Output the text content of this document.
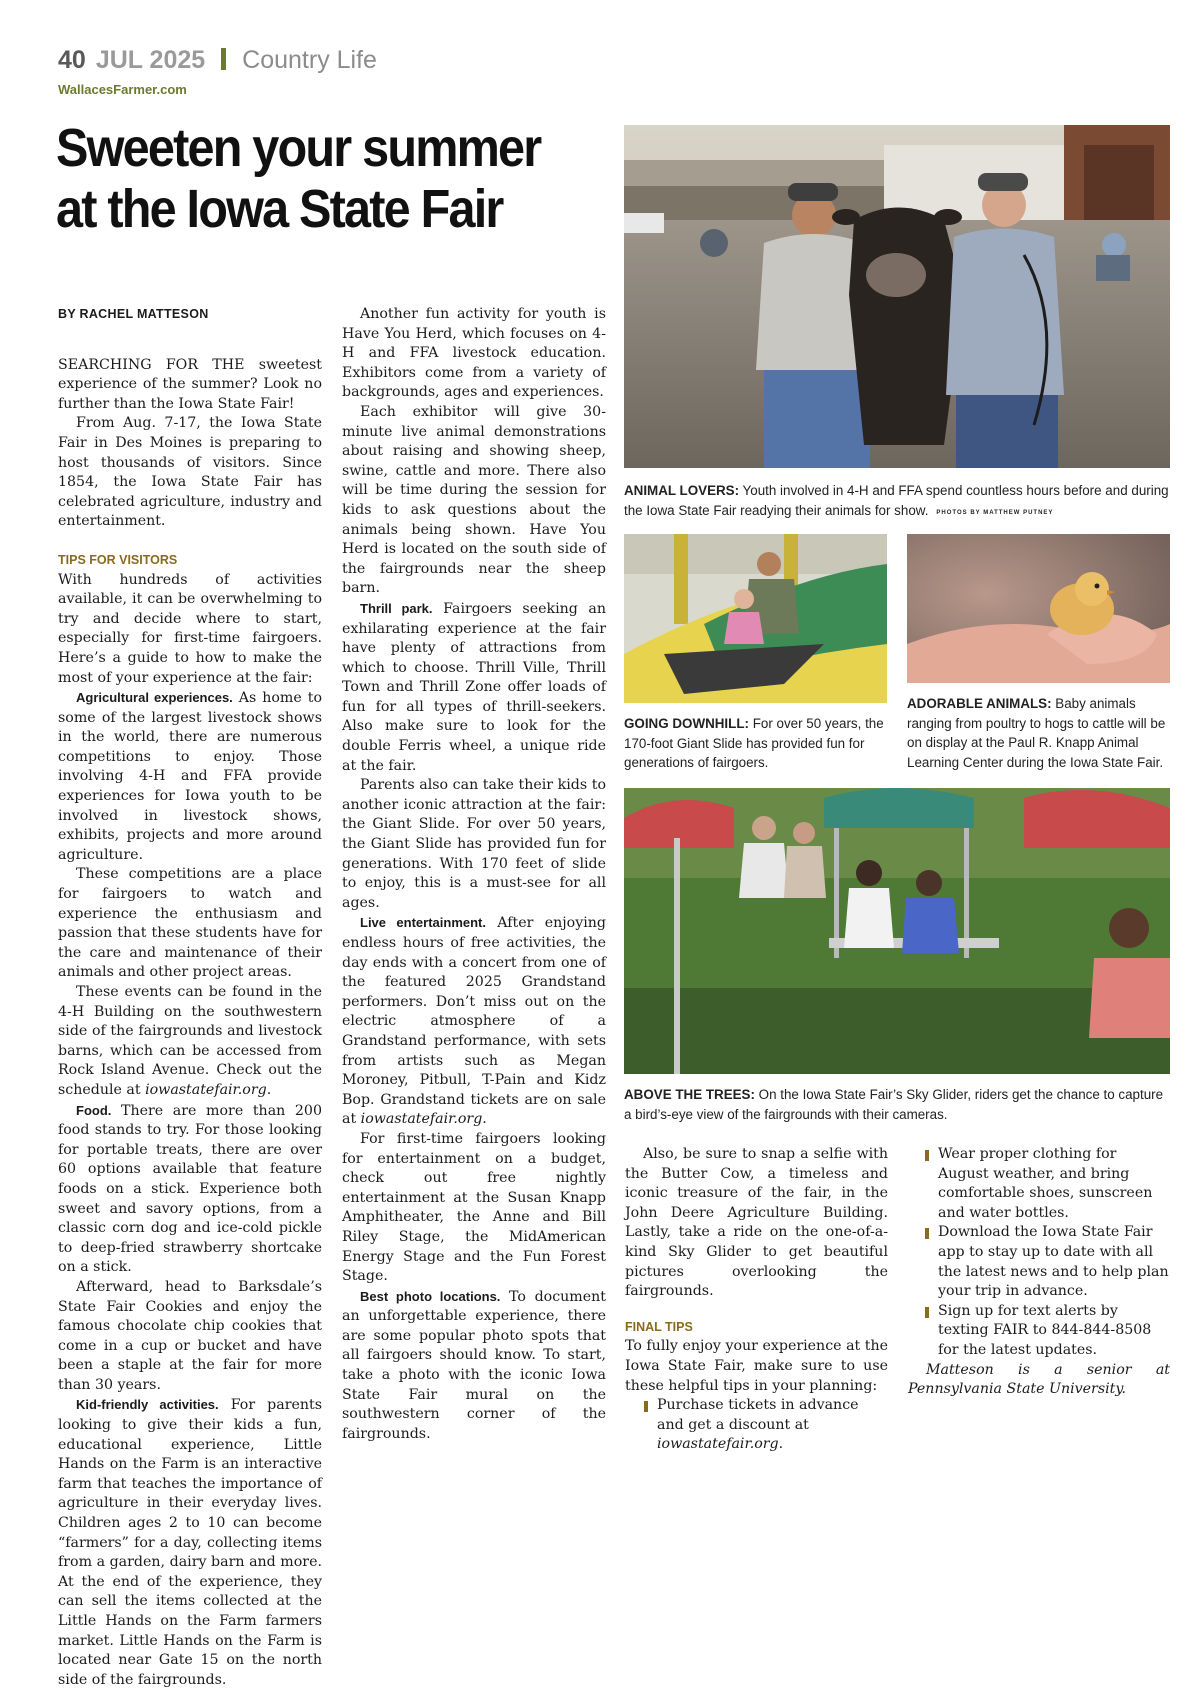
40 JUL 2025 Country Life
WallacesFarmer.com
Sweeten your summer
at the Iowa State Fair
BY RACHEL MATTESON

SEARCHING FOR THE sweetest experience of the summer? Look no further than the Iowa State Fair!

From Aug. 7-17, the Iowa State Fair in Des Moines is preparing to host thousands of visitors. Since 1854, the Iowa State Fair has celebrated agriculture, industry and entertainment.

TIPS FOR VISITORS

With hundreds of activities available, it can be overwhelming to try and decide where to start, especially for first-time fairgoers. Here’s a guide to how to make the most of your experience at the fair:

Agricultural experiences. As home to some of the largest livestock shows in the world, there are numerous competitions to enjoy. Those involving 4-H and FFA provide experiences for Iowa youth to be involved in livestock shows, exhibits, projects and more around agriculture.

These competitions are a place for fairgoers to watch and experience the enthusiasm and passion that these students have for the care and maintenance of their animals and other project areas.

These events can be found in the 4-H Building on the southwestern side of the fairgrounds and livestock barns, which can be accessed from Rock Island Avenue. Check out the schedule at iowastatefair.org.

Food. There are more than 200 food stands to try. For those looking for portable treats, there are over 60 options available that feature foods on a stick. Experience both sweet and savory options, from a classic corn dog and ice-cold pickle to deep-fried strawberry shortcake on a stick.

Afterward, head to Barksdale’s State Fair Cookies and enjoy the famous chocolate chip cookies that come in a cup or bucket and have been a staple at the fair for more than 30 years.

Kid-friendly activities. For parents looking to give their kids a fun, educational experience, Little Hands on the Farm is an interactive farm that teaches the importance of agriculture in their everyday lives. Children ages 2 to 10 can become “farmers” for a day, collecting items from a garden, dairy barn and more. At the end of the experience, they can sell the items collected at the Little Hands on the Farm farmers market. Little Hands on the Farm is located near Gate 15 on the north side of the fairgrounds.

Another fun activity for youth is Have You Herd, which focuses on 4-H and FFA livestock education. Exhibitors come from a variety of backgrounds, ages and experiences.

Each exhibitor will give 30-minute live animal demonstrations about raising and showing sheep, swine, cattle and more. There also will be time during the session for kids to ask questions about the animals being shown. Have You Herd is located on the south side of the fairgrounds near the sheep barn.

Thrill park. Fairgoers seeking an exhilarating experience at the fair have plenty of attractions from which to choose. Thrill Ville, Thrill Town and Thrill Zone offer loads of fun for all types of thrill-seekers. Also make sure to look for the double Ferris wheel, a unique ride at the fair.

Parents also can take their kids to another iconic attraction at the fair: the Giant Slide. For over 50 years, the Giant Slide has provided fun for generations. With 170 feet of slide to enjoy, this is a must-see for all ages.

Live entertainment. After enjoying endless hours of free activities, the day ends with a concert from one of the featured 2025 Grandstand performers. Don’t miss out on the electric atmosphere of a Grandstand performance, with sets from artists such as Megan Moroney, Pitbull, T-Pain and Kidz Bop. Grandstand tickets are on sale at iowastatefair.org.

For first-time fairgoers looking for entertainment on a budget, check out free nightly entertainment at the Susan Knapp Amphitheater, the Anne and Bill Riley Stage, the MidAmerican Energy Stage and the Fun Forest Stage.

Best photo locations. To document an unforgettable experience, there are some popular photo spots that all fairgoers should know. To start, take a photo with the iconic Iowa State Fair mural on the southwestern corner of the fairgrounds.

Also, be sure to snap a selfie with the Butter Cow, a timeless and iconic treasure of the fair, in the John Deere Agriculture Building. Lastly, take a ride on the one-of-a-kind Sky Glider to get beautiful pictures overlooking the fairgrounds.

FINAL TIPS

To fully enjoy your experience at the Iowa State Fair, make sure to use these helpful tips in your planning:

Purchase tickets in advance and get a discount at iowastatefair.org.
Wear proper clothing for August weather, and bring comfortable shoes, sunscreen and water bottles.
Download the Iowa State Fair app to stay up to date with all the latest news and to help plan your trip in advance.
Sign up for text alerts by texting FAIR to 844-844-8508 for the latest updates.

Matteson is a senior at Pennsylvania State University.

ANIMAL LOVERS: Youth involved in 4-H and FFA spend countless hours before and during the Iowa State Fair readying their animals for show. PHOTOS BY MATTHEW PUTNEY
GOING DOWNHILL: For over 50 years, the 170-foot Giant Slide has provided fun for generations of fairgoers.
ADORABLE ANIMALS: Baby animals ranging from poultry to hogs to cattle will be on display at the Paul R. Knapp Animal Learning Center during the Iowa State Fair.
ABOVE THE TREES: On the Iowa State Fair’s Sky Glider, riders get the chance to capture a bird’s-eye view of the fairgrounds with their cameras.
